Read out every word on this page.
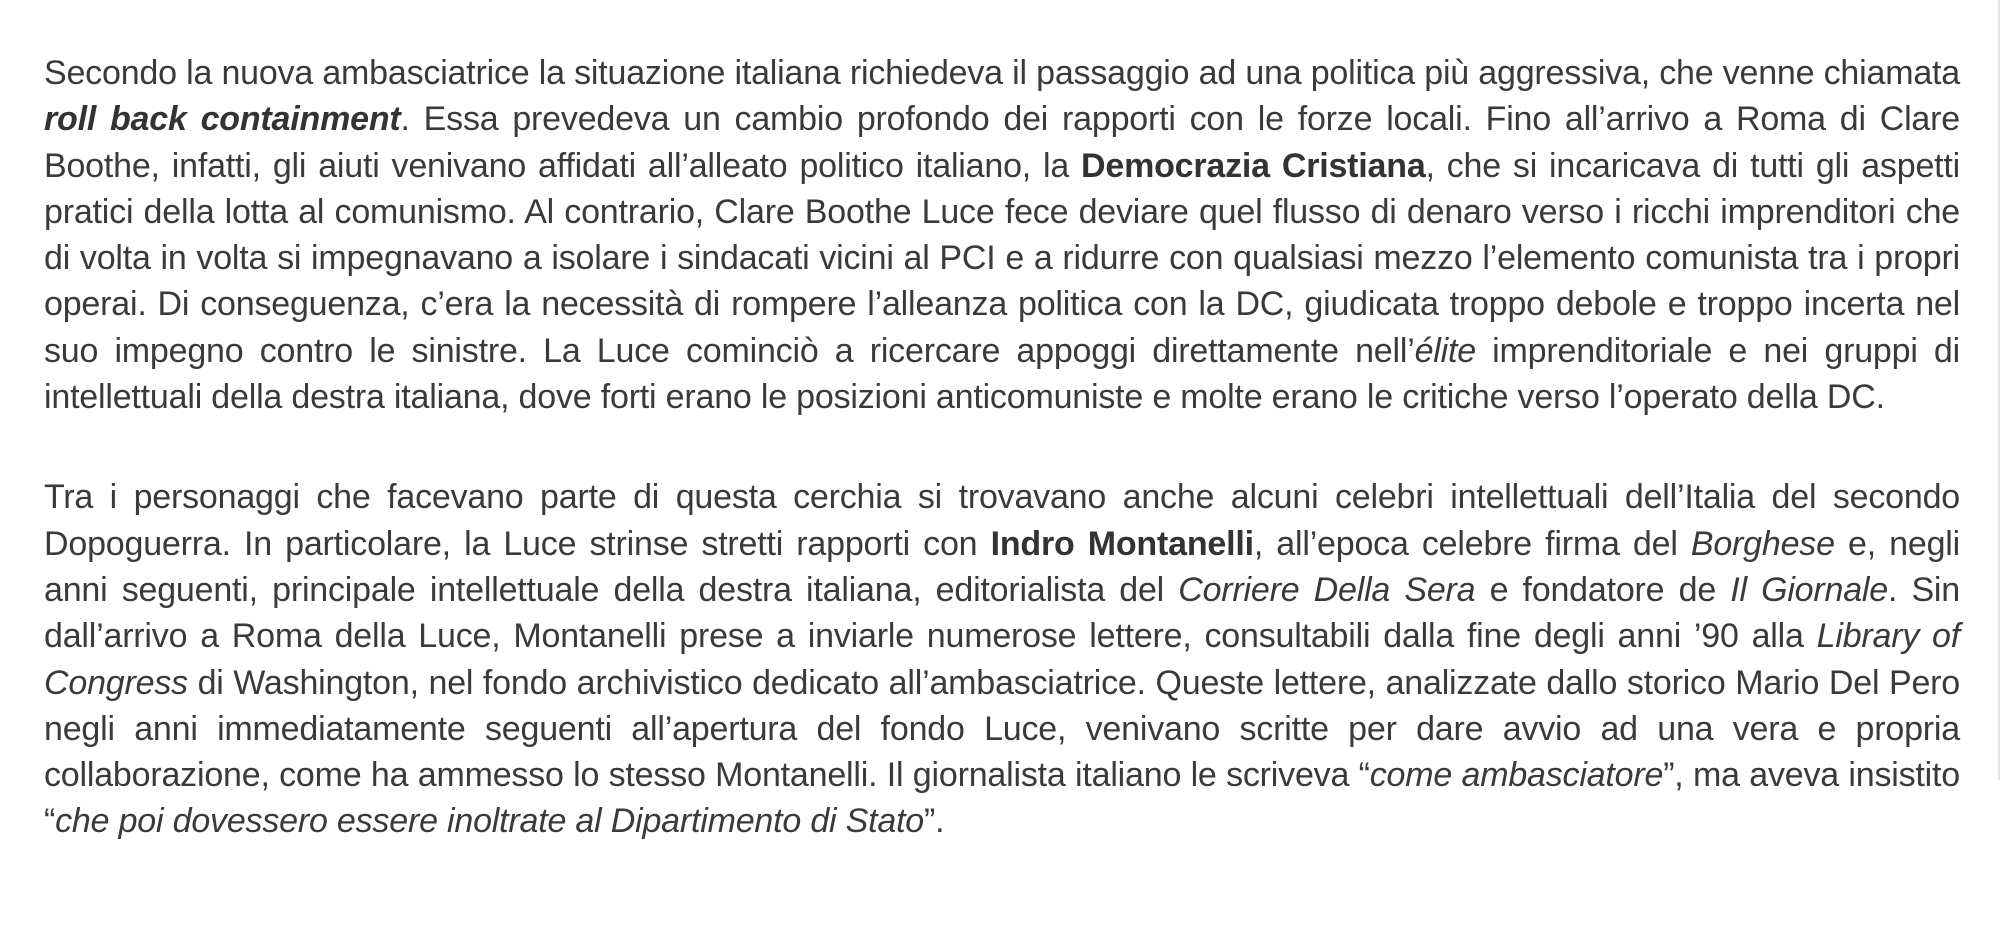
Secondo la nuova ambasciatrice la situazione italiana richiedeva il passaggio ad una politica più aggressiva, che venne chiamata roll back containment. Essa prevedeva un cambio profondo dei rapporti con le forze locali. Fino all’arrivo a Roma di Clare Boothe, infatti, gli aiuti venivano affidati all’alleato politico italiano, la Democrazia Cristiana, che si incaricava di tutti gli aspetti pratici della lotta al comunismo. Al contrario, Clare Boothe Luce fece deviare quel flusso di denaro verso i ricchi imprenditori che di volta in volta si impegnavano a isolare i sindacati vicini al PCI e a ridurre con qualsiasi mezzo l’elemento comunista tra i propri operai. Di conseguenza, c’era la necessità di rompere l’alleanza politica con la DC, giudicata troppo debole e troppo incerta nel suo impegno contro le sinistre. La Luce cominciò a ricercare appoggi direttamente nell’élite imprenditoriale e nei gruppi di intellettuali della destra italiana, dove forti erano le posizioni anticomuniste e molte erano le critiche verso l’operato della DC.

Tra i personaggi che facevano parte di questa cerchia si trovavano anche alcuni celebri intellettuali dell’Italia del secondo Dopoguerra. In particolare, la Luce strinse stretti rapporti con Indro Montanelli, all’epoca celebre firma del Borghese e, negli anni seguenti, principale intellettuale della destra italiana, editorialista del Corriere Della Sera e fondatore de Il Giornale. Sin dall’arrivo a Roma della Luce, Montanelli prese a inviarle numerose lettere, consultabili dalla fine degli anni ’90 alla Library of Congress di Washington, nel fondo archivistico dedicato all’ambasciatrice. Queste lettere, analizzate dallo storico Mario Del Pero negli anni immediatamente seguenti all’apertura del fondo Luce, venivano scritte per dare avvio ad una vera e propria collaborazione, come ha ammesso lo stesso Montanelli. Il giornalista italiano le scriveva “come ambasciatore”, ma aveva insistito “che poi dovessero essere inoltrate al Dipartimento di Stato”.
